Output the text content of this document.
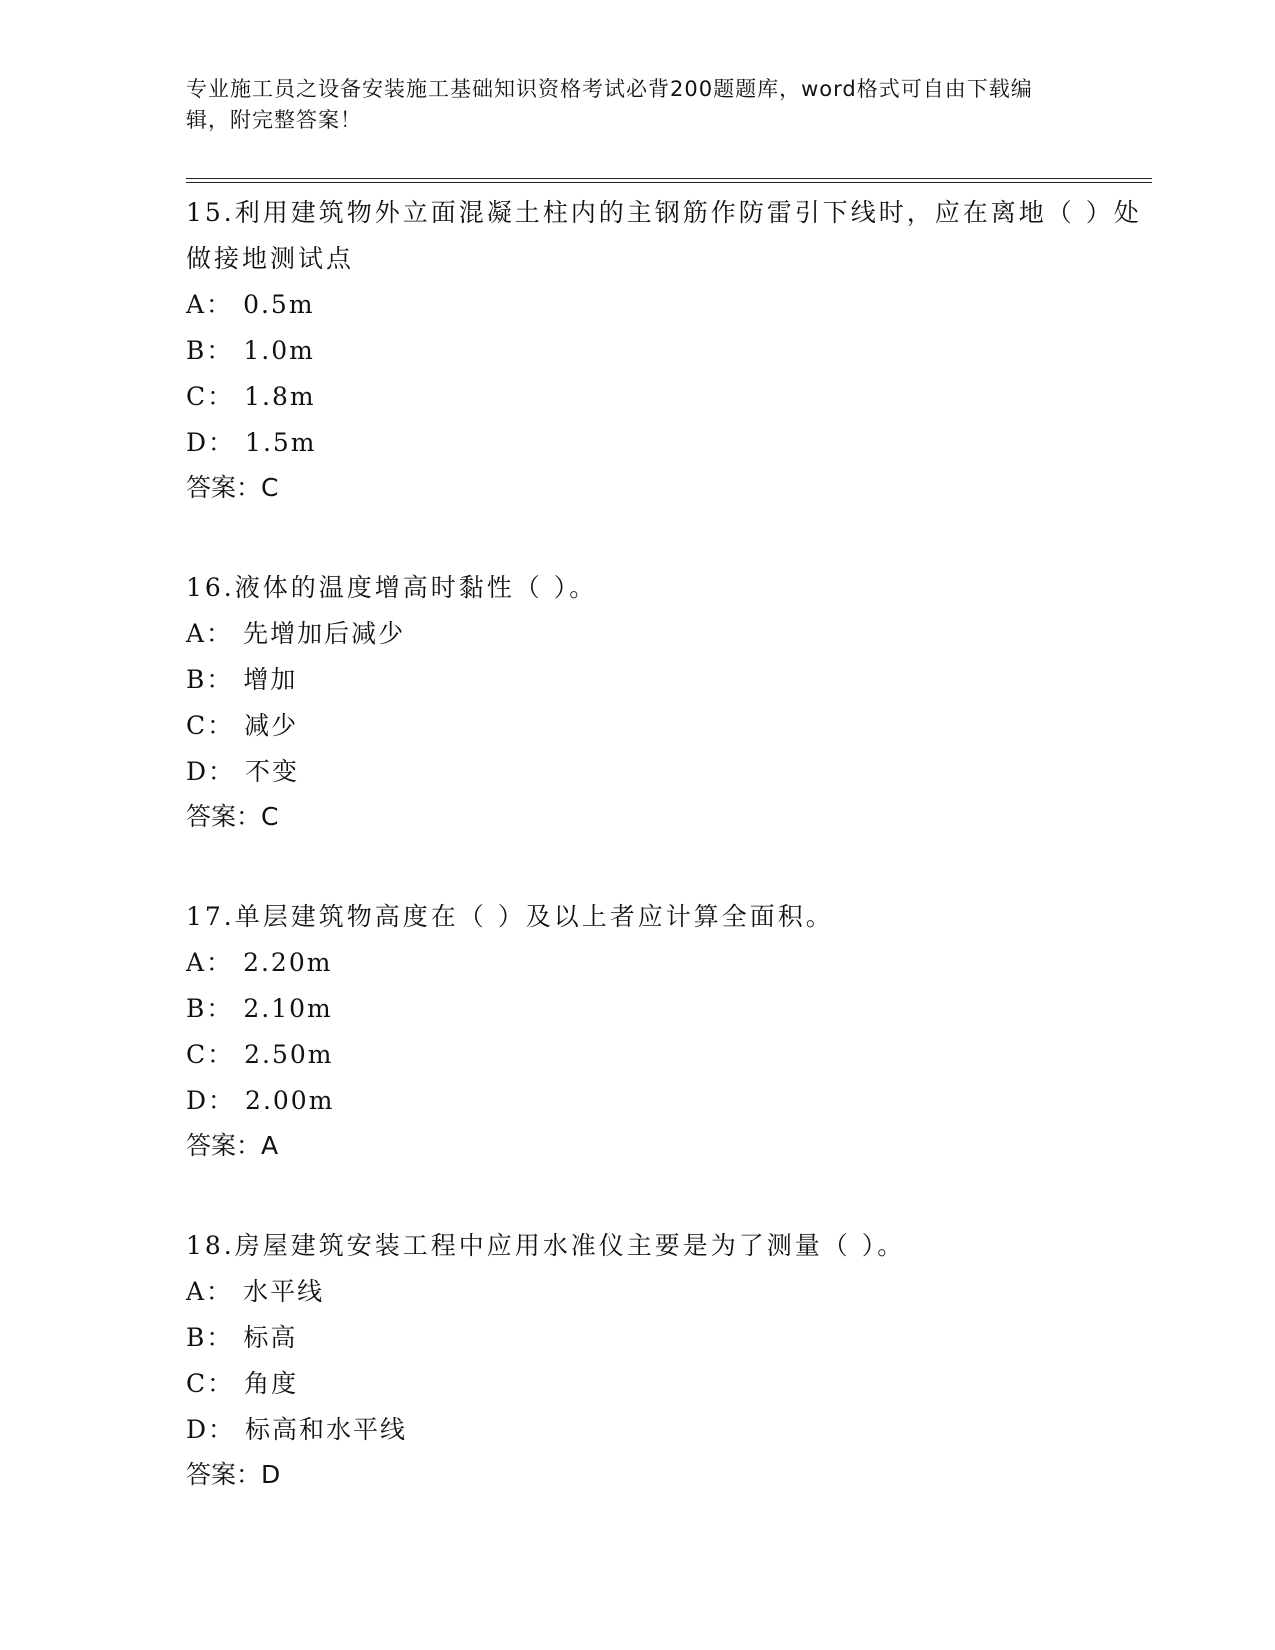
专业施工员之设备安装施工基础知识资格考试必背200题题库，word格式可自由下载编辑，附完整答案！

15.利用建筑物外立面混凝土柱内的主钢筋作防雷引下线时，应在离地（ ）处做接地测试点

A： 0.5m

B： 1.0m

C： 1.8m

D： 1.5m

答案：C

16.液体的温度增高时黏性（ ）。

A： 先增加后减少

B： 增加

C： 减少

D： 不变

答案：C

17.单层建筑物高度在（ ）及以上者应计算全面积。

A： 2.20m

B： 2.10m

C： 2.50m

D： 2.00m

答案：A

18.房屋建筑安装工程中应用水准仪主要是为了测量（ ）。

A： 水平线

B： 标高

C： 角度

D： 标高和水平线

答案：D
